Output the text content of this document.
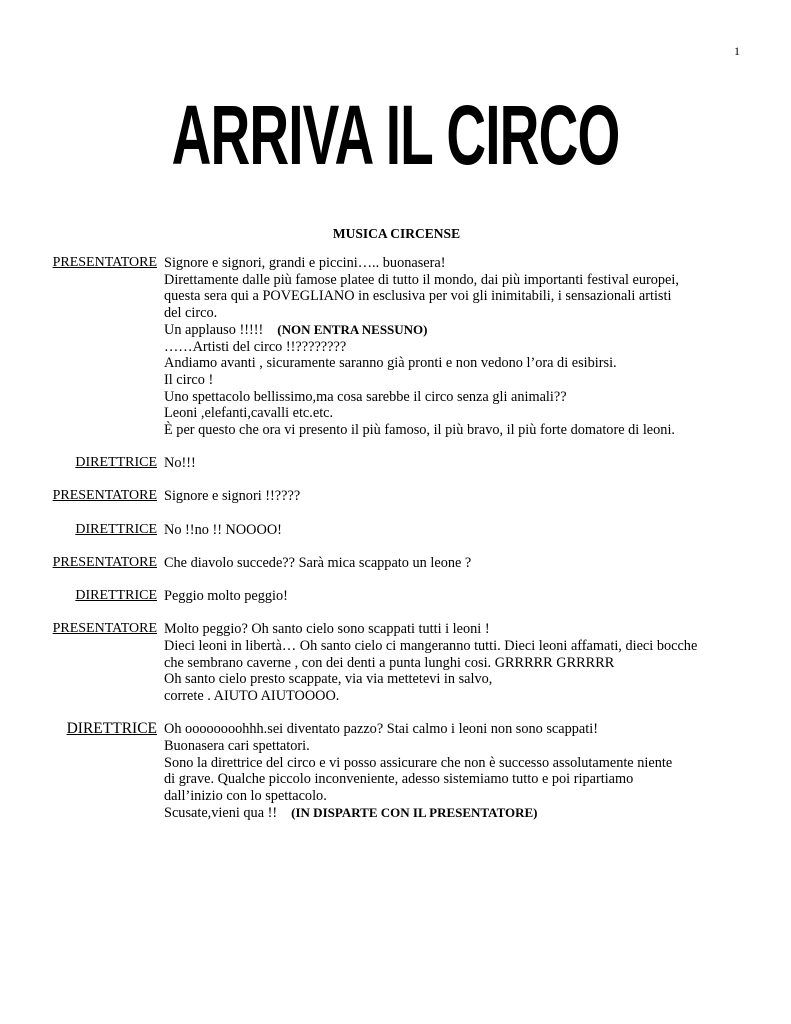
1
ARRIVA IL CIRCO
MUSICA CIRCENSE
PRESENTATORE Signore e signori, grandi e piccini….. buonasera!
Direttamente dalle più famose platee di tutto il mondo, dai più importanti festival europei,
questa sera qui a POVEGLIANO in esclusiva per voi gli inimitabili, i sensazionali artisti
del circo.
Un applauso !!!!! (NON ENTRA NESSUNO)
……Artisti del circo !!????????
Andiamo avanti , sicuramente saranno già pronti e non vedono l’ora di esibirsi.
Il circo !
Uno spettacolo bellissimo,ma cosa sarebbe il circo senza gli animali??
Leoni ,elefanti,cavalli etc.etc.
È per questo che ora vi presento il più famoso, il più bravo, il più forte domatore di leoni.
DIRETTRICE No!!!
PRESENTATORE Signore e signori !!????
DIRETTRICE No !!no !! NOOOO!
PRESENTATORE Che diavolo succede?? Sarà mica scappato un leone ?
DIRETTRICE Peggio molto peggio!
PRESENTATORE Molto peggio? Oh santo cielo sono scappati tutti i leoni !
Dieci leoni in libertà… Oh santo cielo ci mangeranno tutti. Dieci leoni affamati, dieci bocche
che sembrano caverne , con dei denti a punta lunghi cosi. GRRRRR GRRRRR
Oh santo cielo presto scappate, via via mettetevi in salvo,
correte . AIUTO AIUTOOOO.
DIRETTRICE Oh oooooooohhh.sei diventato pazzo? Stai calmo i leoni non sono scappati!
Buonasera cari spettatori.
Sono la direttrice del circo e vi posso assicurare che non è successo assolutamente niente
di grave. Qualche piccolo inconveniente, adesso sistemiamo tutto e poi ripartiamo
dall’inizio con lo spettacolo.
Scusate,vieni qua !! (IN DISPARTE CON IL PRESENTATORE)
